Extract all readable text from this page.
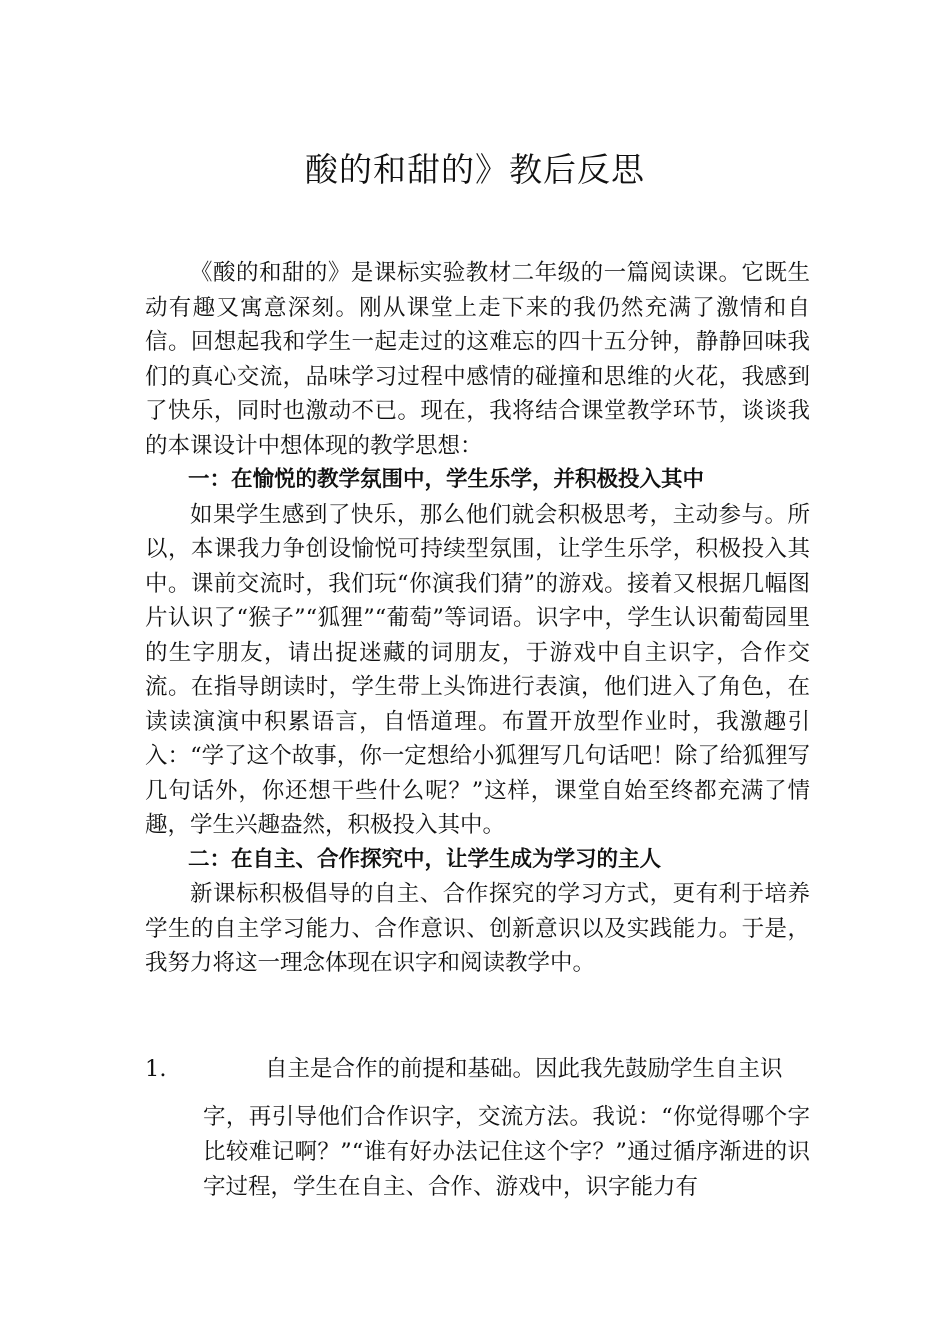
酸的和甜的》教后反思

《酸的和甜的》是课标实验教材二年级的一篇阅读课。它既生动有趣又寓意深刻。刚从课堂上走下来的我仍然充满了激情和自信。回想起我和学生一起走过的这难忘的四十五分钟，静静回味我们的真心交流，品味学习过程中感情的碰撞和思维的火花，我感到了快乐，同时也激动不已。现在，我将结合课堂教学环节，谈谈我的本课设计中想体现的教学思想：

一：在愉悦的教学氛围中，学生乐学，并积极投入其中

如果学生感到了快乐，那么他们就会积极思考，主动参与。所以，本课我力争创设愉悦可持续型氛围，让学生乐学，积极投入其中。课前交流时，我们玩“你演我们猜”的游戏。接着又根据几幅图片认识了“猴子”“狐狸”“葡萄”等词语。识字中，学生认识葡萄园里的生字朋友，请出捉迷藏的词朋友，于游戏中自主识字，合作交流。在指导朗读时，学生带上头饰进行表演，他们进入了角色，在读读演演中积累语言，自悟道理。布置开放型作业时，我激趣引入：“学了这个故事，你一定想给小狐狸写几句话吧！除了给狐狸写几句话外，你还想干些什么呢？”这样，课堂自始至终都充满了情趣，学生兴趣盎然，积极投入其中。

二：在自主、合作探究中，让学生成为学习的主人

新课标积极倡导的自主、合作探究的学习方式，更有利于培养学生的自主学习能力、合作意识、创新意识以及实践能力。于是，我努力将这一理念体现在识字和阅读教学中。

1.	自主是合作的前提和基础。因此我先鼓励学生自主识
字，再引导他们合作识字，交流方法。我说：“你觉得哪个字比较难记啊？”“谁有好办法记住这个字？”通过循序渐进的识字过程，学生在自主、合作、游戏中，识字能力有
